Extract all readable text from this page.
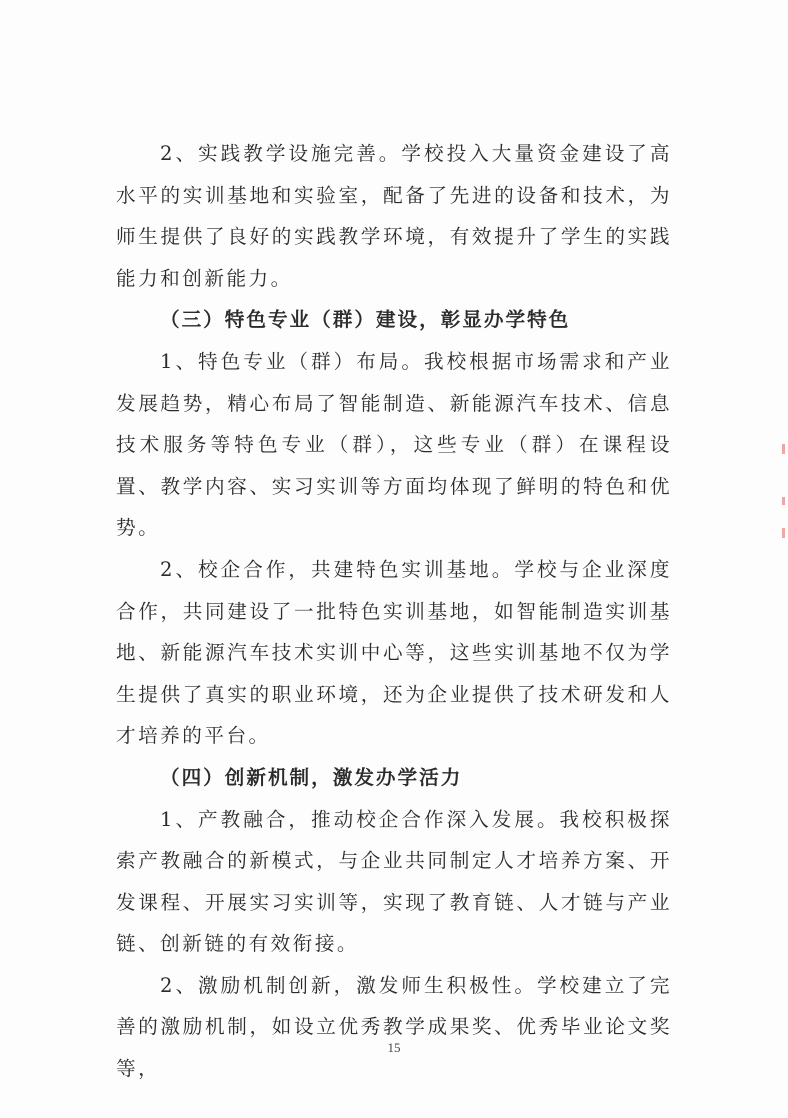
2、实践教学设施完善。学校投入大量资金建设了高水平的实训基地和实验室，配备了先进的设备和技术，为师生提供了良好的实践教学环境，有效提升了学生的实践能力和创新能力。

（三）特色专业（群）建设，彰显办学特色

1、特色专业（群）布局。我校根据市场需求和产业发展趋势，精心布局了智能制造、新能源汽车技术、信息技术服务等特色专业（群），这些专业（群）在课程设置、教学内容、实习实训等方面均体现了鲜明的特色和优势。

2、校企合作，共建特色实训基地。学校与企业深度合作，共同建设了一批特色实训基地，如智能制造实训基地、新能源汽车技术实训中心等，这些实训基地不仅为学生提供了真实的职业环境，还为企业提供了技术研发和人才培养的平台。

（四）创新机制，激发办学活力

1、产教融合，推动校企合作深入发展。我校积极探索产教融合的新模式，与企业共同制定人才培养方案、开发课程、开展实习实训等，实现了教育链、人才链与产业链、创新链的有效衔接。

2、激励机制创新，激发师生积极性。学校建立了完善的激励机制，如设立优秀教学成果奖、优秀毕业论文奖等，

15
